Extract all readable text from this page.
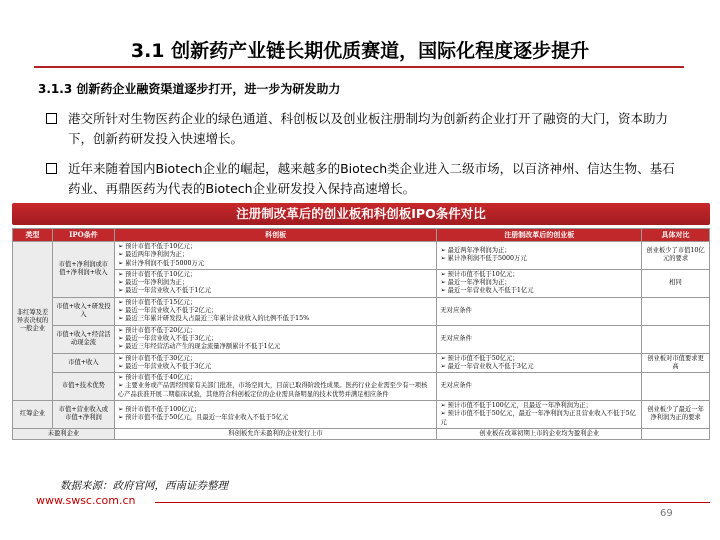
3.1 创新药产业链长期优质赛道，国际化程度逐步提升
3.1.3 创新药企业融资渠道逐步打开，进一步为研发助力
港交所针对生物医药企业的绿色通道、科创板以及创业板注册制均为创新药企业打开了融资的大门，资本助力下，创新药研发投入快速增长。
近年来随着国内Biotech企业的崛起，越来越多的Biotech类企业进入二级市场，以百济神州、信达生物、基石药业、再鼎医药为代表的Biotech企业研发投入保持高速增长。
注册制改革后的创业板和科创板IPO条件对比
类型	IPO条件	科创板	注册制改革后的创业板	具体对比
非红筹及差异表决权的一般企业	市值+净利润或市值+净利润+收入	➢ 预计市值不低于10亿元；
➢ 最近两年净利润为正；
➢ 累计净利润不低于5000万元	➢ 最近两年净利润为正；
➢ 累计净利润不低于5000万元	创业板少了市值10亿元的要求

		➢ 预计市值不低于10亿元；
➢ 最近一年净利润为正；
➢ 最近一年营业收入不低于1亿元	➢ 预计市值不低于10亿元；
➢ 最近一年净利润为正；
➢ 最近一年营业收入不低于1亿元	相同
	市值+收入+研发投入	➢ 预计市值不低于15亿元；
➢ 最近一年营业收入不低于2亿元；
➢ 最近三年累计研发投入占最近三年累计营业收入的比例不低于15%	无对应条件	

	市值+收入+经营活动现金流	➢ 预计市值不低于20亿元；
➢ 最近一年营业收入不低于3亿元；
➢ 最近三年经营活动产生的现金流量净额累计不低于1亿元	无对应条件	

	市值+收入	➢ 预计市值不低于30亿元；
➢ 最近一年营业收入不低于3亿元	➢ 预计市值不低于50亿元；
➢ 最近一年营业收入不低于3亿元	创业板对市值要求更高
	市值+技术优势	➢ 预计市值不低于40亿元；
➢ 主要业务或产品需经国家有关部门批准，市场空间大，目前已取得阶段性成果。医药行业企业需至少有一项核心产品获准开展二期临床试验，其他符合科创板定位的企业需具备明显的技术优势并满足相应条件	无对应条件	

红筹企业	市值+营业收入或市值+净利润	➢ 预计市值不低于100亿元；
➢ 预计市值不低于50亿元，且最近一年营业收入不低于5亿元	➢ 预计市值不低于100亿元，且最近一年净利润为正；
➢ 预计市值不低于50亿元，最近一年净利润为正且营业收入不低于5亿元	创业板少了最近一年净利润为正的要求
未盈利企业		科创板允许未盈利的企业发行上市	创业板在改革初期上市的企业均为盈利企业	
数据来源：政府官网，西南证券整理
www.swsc.com.cn
69
